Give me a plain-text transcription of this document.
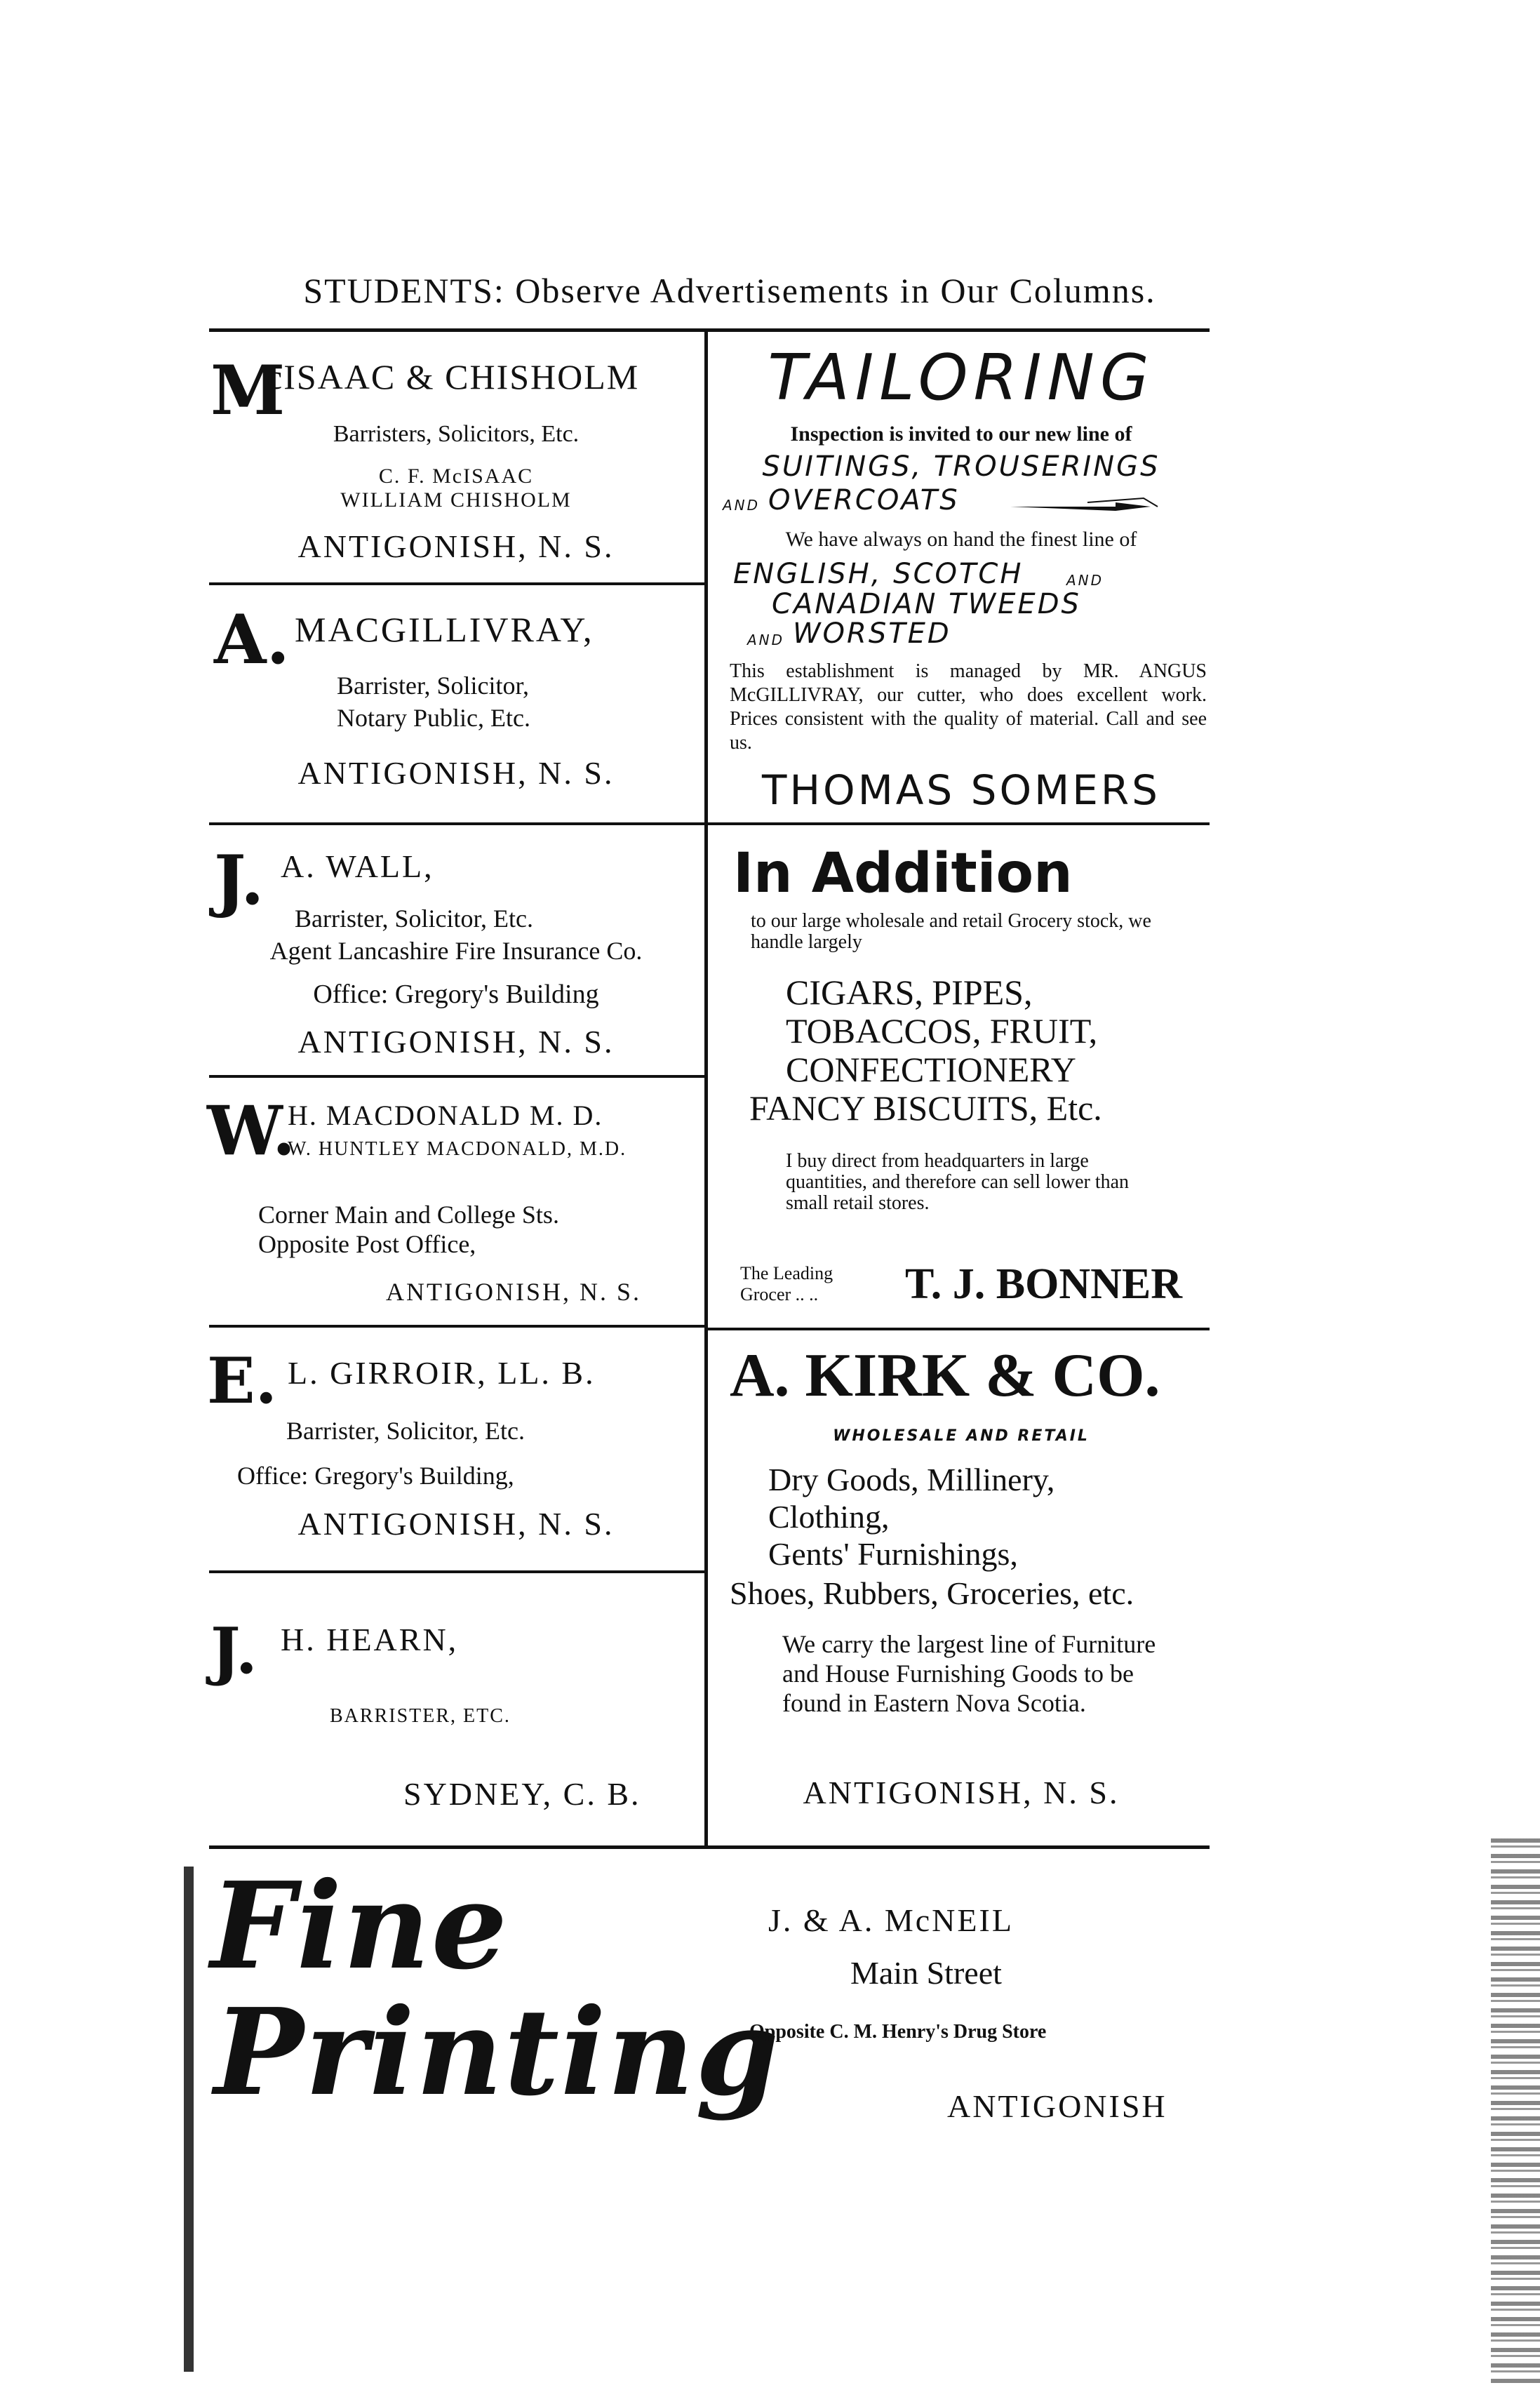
STUDENTS: Observe Advertisements in Our Columns.
M
cISAAC & CHISHOLM
Barristers, Solicitors, Etc.
C. F. McISAAC
WILLIAM CHISHOLM
ANTIGONISH, N. S.
A. MACGILLIVRAY,
Barrister, Solicitor,
Notary Public, Etc.
ANTIGONISH, N. S.
J. A. WALL,
Barrister, Solicitor, Etc.
Agent Lancashire Fire Insurance Co.
Office: Gregory's Building
ANTIGONISH, N. S.
W.
H. MACDONALD M. D.
W. HUNTLEY MACDONALD, M.D.
Corner Main and College Sts.
Opposite Post Office,
ANTIGONISH, N. S.
E. L. GIRROIR, LL. B.
Barrister, Solicitor, Etc.
Office: Gregory's Building,
ANTIGONISH, N. S.
J. H. HEARN,
BARRISTER, ETC.
SYDNEY, C. B.
TAILORING
Inspection is invited to our new line of
SUITINGS, TROUSERINGS
AND OVERCOATS
We have always on hand the finest line of
ENGLISH, SCOTCH	AND
CANADIAN TWEEDS
AND WORSTED
This establishment is managed by MR. ANGUS McGILLIVRAY, our cutter, who does excellent work. Prices consistent with the quality of material. Call and see us.
THOMAS SOMERS
In Addition
to our large wholesale and retail Grocery stock, we handle largely
CIGARS, PIPES,
TOBACCOS, FRUIT,
CONFECTIONERY
FANCY BISCUITS, Etc.
I buy direct from headquarters in large quantities, and therefore can sell lower than small retail stores.
The Leading
Grocer .. .. T. J. BONNER
A. KIRK & CO.
WHOLESALE AND RETAIL
Dry Goods, Millinery,
Clothing,
Gents' Furnishings,
Shoes, Rubbers, Groceries, etc.
We carry the largest line of Furniture and House Furnishing Goods to be found in Eastern Nova Scotia.
ANTIGONISH, N. S.
Fine
Printing
J. & A. McNEIL
Main Street
Opposite C. M. Henry's Drug Store
ANTIGONISH
